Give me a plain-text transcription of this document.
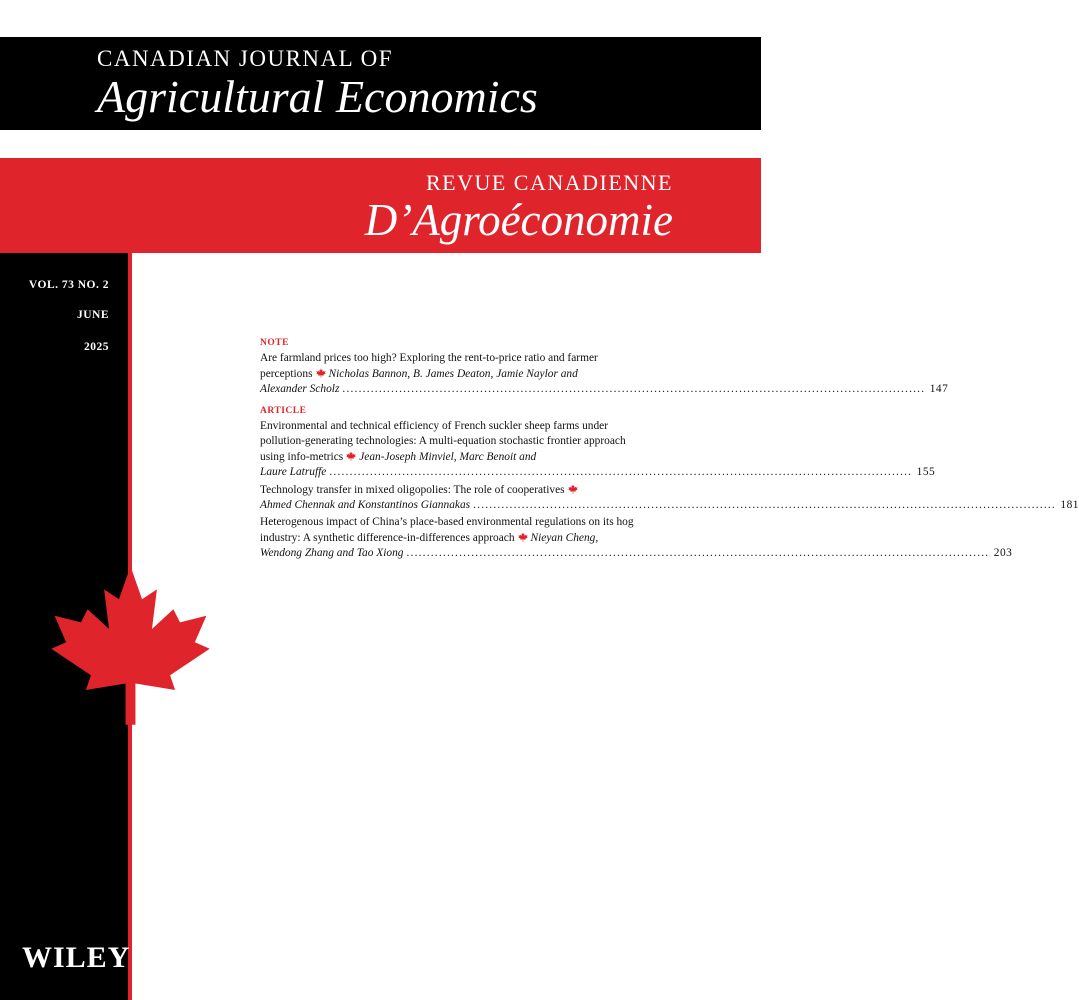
CANADIAN JOURNAL OF
Agricultural Economics
REVUE CANADIENNE
D’Agroéconomie
VOL. 73 NO. 2
JUNE
2025
WILEY
NOTE

Are farmland prices too high? Exploring the rent-to-price ratio and farmer

perceptions Nicholas Bannon, B. James Deaton, Jamie Naylor and

Alexander Scholz ................................................................................................................................................ 147
ARTICLE

Environmental and technical efficiency of French suckler sheep farms under

pollution-generating technologies: A multi-equation stochastic frontier approach

using info-metrics Jean-Joseph Minviel, Marc Benoit and

Laure Latruffe ................................................................................................................................................ 155

Technology transfer in mixed oligopolies: The role of cooperatives

Ahmed Chennak and Konstantinos Giannakas ................................................................................................................................................ 181

Heterogenous impact of China’s place-based environmental regulations on its hog

industry: A synthetic difference-in-differences approach Nieyan Cheng,

Wendong Zhang and Tao Xiong ................................................................................................................................................ 203
